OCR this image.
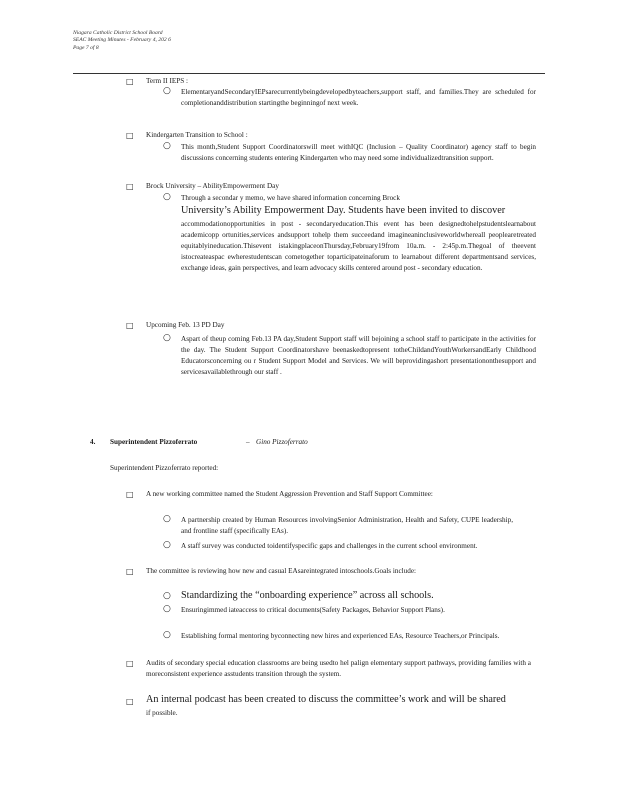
Niagara Catholic District School Board
SEAC Meeting Minutes - February 4, 202 6
Page 7 of 8
□ Term II IEPS :
○ ElementaryandSecondaryIEPsarecurrentlybeingdevelopedbyteachers,support staff, and families.They are scheduled for completionanddistribution startingthe beginningof next week.
□ Kindergarten Transition to School :
○ This month,Student Support Coordinatorswill meet withIQC (Inclusion – Quality Coordinator) agency staff to begin discussions concerning students entering Kindergarten who may need some individualizedtransition support.
□ Brock University – AbilityEmpowerment Day
○ Through a secondar y memo, we have shared information concerning Brock
University’s Ability Empowerment Day. Students have been invited to discover
accommodationopportunities in post - secondaryeducation.This event has been designedtohelpstudentslearnabout academicopp ortunities,services andsupport tohelp them succeedand imagineaninclusiveworldwhereall peoplearetreated equitablyineducation.Thisevent istakingplaceonThursday,February19from 10a.m. - 2:45p.m.Thegoal of theevent istocreateaspac ewherestudentscan cometogether toparticipateinaforum to learnabout different departmentsand services, exchange ideas, gain perspectives, and learn advocacy skills centered around post - secondary education.
□ Upcoming Feb. 13 PD Day
○ Aspart of theup coming Feb.13 PA day,Student Support staff will bejoining a school staff to participate in the activities for the day. The Student Support Coordinatorshave beenaskedtopresent totheChildandYouthWorkersandEarly Childhood Educatorsconcerning ou r Student Support Model and Services. We will beprovidingashort presentationonthesupport and servicesavailablethrough our staff .
4. Superintendent Pizzoferrato	– Gino Pizzoferrato
Superintendent Pizzoferrato reported:
□ A new working committee named the Student Aggression Prevention and Staff Support Committee:
○ A partnership created by Human Resources involvingSenior Administration, Health and Safety, CUPE leadership, and frontline staff (specifically EAs).
○ A staff survey was conducted toidentifyspecific gaps and challenges in the current school environment.
□ The committee is reviewing how new and casual EAsareintegrated intoschools.Goals include:
○ Standardizing the “onboarding experience” across all schools.
○ Ensuringimmed iateaccess to critical documents(Safety Packages, Behavior Support Plans).
○ Establishing formal mentoring byconnecting new hires and experienced EAs, Resource Teachers,or Principals.
□ Audits of secondary special education classrooms are being usedto hel palign elementary support pathways, providing families with a moreconsistent experience asstudents transition through the system.
□ An internal podcast has been created to discuss the committee’s work and will be shared
if possible.
